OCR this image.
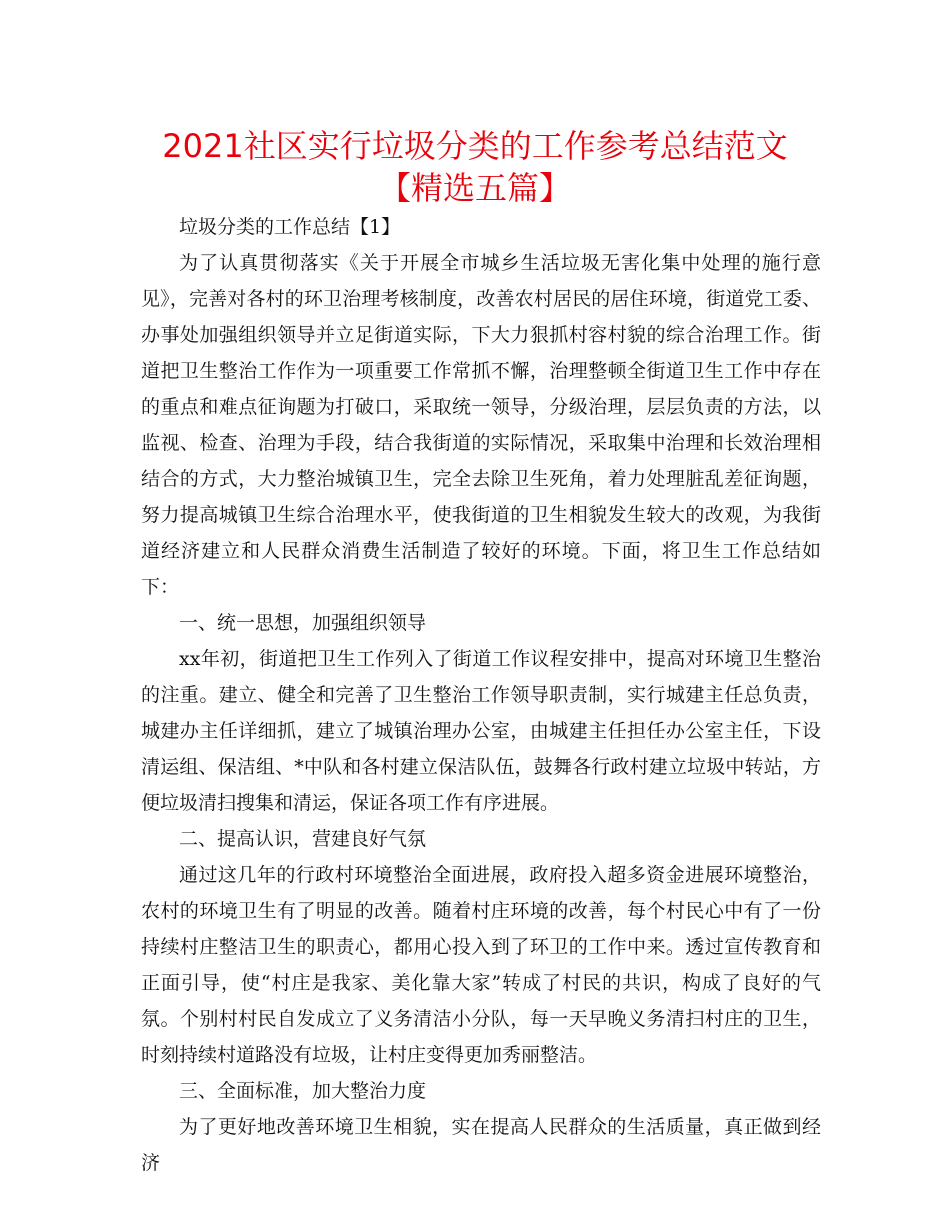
2021社区实行垃圾分类的工作参考总结范文
【精选五篇】

垃圾分类的工作总结【1】

为了认真贯彻落实《关于开展全市城乡生活垃圾无害化集中处理的施行意见》，完善对各村的环卫治理考核制度，改善农村居民的居住环境，街道党工委、办事处加强组织领导并立足街道实际，下大力狠抓村容村貌的综合治理工作。街道把卫生整治工作作为一项重要工作常抓不懈，治理整顿全街道卫生工作中存在的重点和难点征询题为打破口，采取统一领导，分级治理，层层负责的方法，以监视、检查、治理为手段，结合我街道的实际情况，采取集中治理和长效治理相结合的方式，大力整治城镇卫生，完全去除卫生死角，着力处理脏乱差征询题，努力提高城镇卫生综合治理水平，使我街道的卫生相貌发生较大的改观，为我街道经济建立和人民群众消费生活制造了较好的环境。下面，将卫生工作总结如下：

一、统一思想，加强组织领导

xx年初，街道把卫生工作列入了街道工作议程安排中，提高对环境卫生整治的注重。建立、健全和完善了卫生整治工作领导职责制，实行城建主任总负责，城建办主任详细抓，建立了城镇治理办公室，由城建主任担任办公室主任，下设清运组、保洁组、*中队和各村建立保洁队伍，鼓舞各行政村建立垃圾中转站，方便垃圾清扫搜集和清运，保证各项工作有序进展。

二、提高认识，营建良好气氛

通过这几年的行政村环境整治全面进展，政府投入超多资金进展环境整治，农村的环境卫生有了明显的改善。随着村庄环境的改善，每个村民心中有了一份持续村庄整洁卫生的职责心，都用心投入到了环卫的工作中来。透过宣传教育和正面引导，使“村庄是我家、美化靠大家”转成了村民的共识，构成了良好的气氛。个别村村民自发成立了义务清洁小分队，每一天早晚义务清扫村庄的卫生，时刻持续村道路没有垃圾，让村庄变得更加秀丽整洁。

三、全面标准，加大整治力度

为了更好地改善环境卫生相貌，实在提高人民群众的生活质量，真正做到经济
